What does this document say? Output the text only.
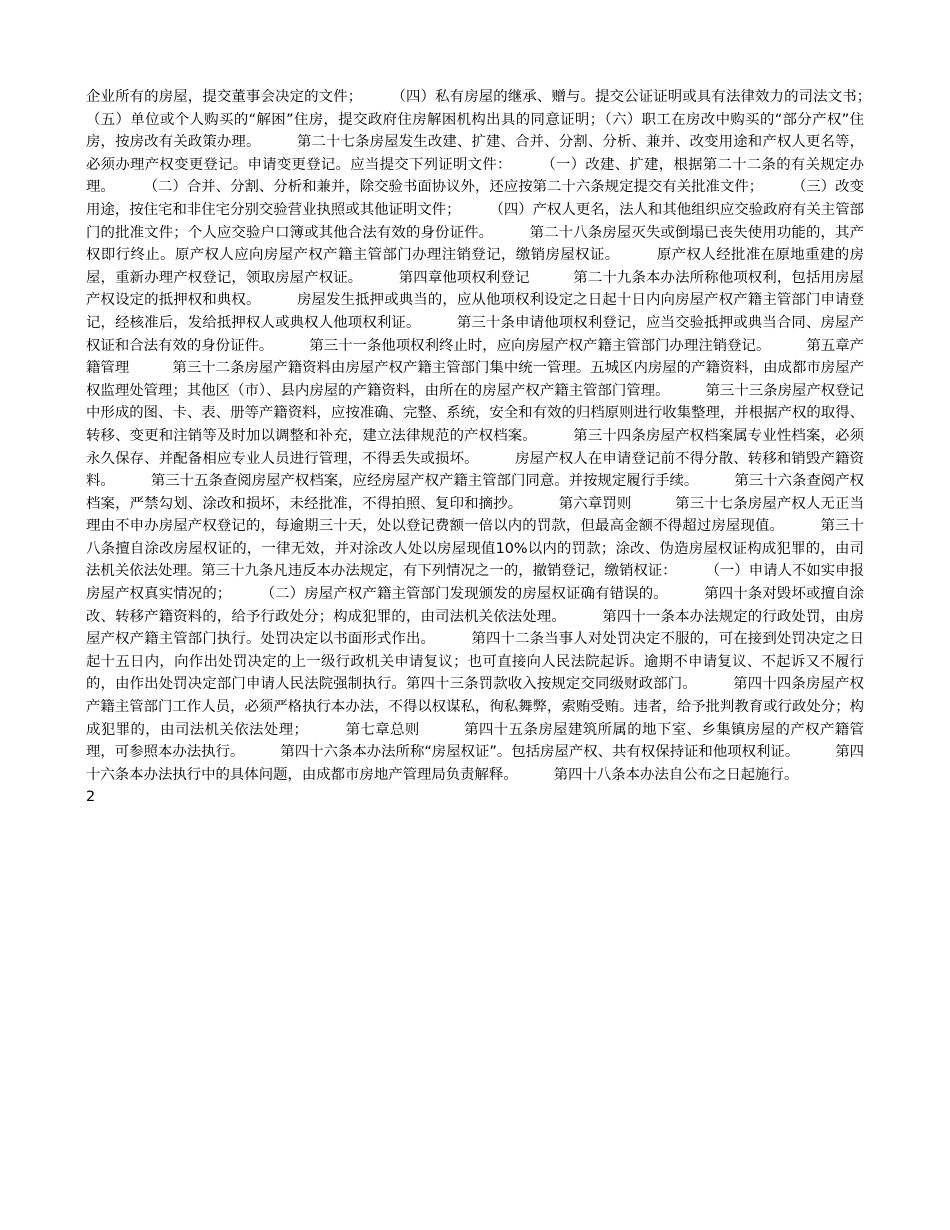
企业所有的房屋，提交董事会决定的文件；　　　（四）私有房屋的继承、赠与。提交公证证明或具有法律效力的司法文书；　　　（五）单位或个人购买的“解困”住房，提交政府住房解困机构出具的同意证明；（六）职工在房改中购买的“部分产权”住房，按房改有关政策办理。　　　第二十七条房屋发生改建、扩建、合并、分割、分析、兼并、改变用途和产权人更名等，必须办理产权变更登记。申请变更登记。应当提交下列证明文件：　　　（一）改建、扩建，根据第二十二条的有关规定办理。　　　（二）合并、分割、分析和兼并，除交验书面协议外，还应按第二十六条规定提交有关批准文件；　　　（三）改变用途，按住宅和非住宅分别交验营业执照或其他证明文件；　　　（四）产权人更名，法人和其他组织应交验政府有关主管部门的批准文件；个人应交验户口簿或其他合法有效的身份证件。　　　第二十八条房屋灭失或倒塌已丧失使用功能的，其产权即行终止。原产权人应向房屋产权产籍主管部门办理注销登记，缴销房屋权证。　　　原产权人经批准在原地重建的房屋，重新办理产权登记，领取房屋产权证。　　　第四章他项权利登记　　　第二十九条本办法所称他项权利，包括用房屋产权设定的抵押权和典权。　　　房屋发生抵押或典当的，应从他项权利设定之日起十日内向房屋产权产籍主管部门申请登记，经核准后，发给抵押权人或典权人他项权利证。　　　第三十条申请他项权利登记，应当交验抵押或典当合同、房屋产权证和合法有效的身份证件。　　　第三十一条他项权利终止时，应向房屋产权产籍主管部门办理注销登记。　　　第五章产籍管理　　　第三十二条房屋产籍资料由房屋产权产籍主管部门集中统一管理。五城区内房屋的产籍资料，由成都市房屋产权监理处管理；其他区（市）、县内房屋的产籍资料，由所在的房屋产权产籍主管部门管理。　　　第三十三条房屋产权登记中形成的图、卡、表、册等产籍资料，应按准确、完整、系统，安全和有效的归档原则进行收集整理，并根据产权的取得、转移、变更和注销等及时加以调整和补充，建立法律规范的产权档案。　　　第三十四条房屋产权档案属专业性档案，必须永久保存、并配备相应专业人员进行管理，不得丢失或损坏。　　　房屋产权人在申请登记前不得分散、转移和销毁产籍资料。　　　第三十五条查阅房屋产权档案，应经房屋产权产籍主管部门同意。并按规定履行手续。　　　第三十六条查阅产权档案，严禁勾划、涂改和损坏，未经批准，不得拍照、复印和摘抄。　　　第六章罚则　　　第三十七条房屋产权人无正当理由不申办房屋产权登记的，每逾期三十天，处以登记费额一倍以内的罚款，但最高金额不得超过房屋现值。　　　第三十八条擅自涂改房屋权证的，一律无效，并对涂改人处以房屋现值10%以内的罚款；涂改、伪造房屋权证构成犯罪的，由司法机关依法处理。第三十九条凡违反本办法规定，有下列情况之一的，撤销登记，缴销权证：　　　（一）申请人不如实申报房屋产权真实情况的；　　　（二）房屋产权产籍主管部门发现颁发的房屋权证确有错误的。　　　第四十条对毁坏或擅自涂改、转移产籍资料的，给予行政处分；构成犯罪的，由司法机关依法处理。　　　第四十一条本办法规定的行政处罚，由房屋产权产籍主管部门执行。处罚决定以书面形式作出。　　　第四十二条当事人对处罚决定不服的，可在接到处罚决定之日起十五日内，向作出处罚决定的上一级行政机关申请复议；也可直接向人民法院起诉。逾期不申请复议、不起诉又不履行的，由作出处罚决定部门申请人民法院强制执行。第四十三条罚款收入按规定交同级财政部门。　　　第四十四条房屋产权产籍主管部门工作人员，必须严格执行本办法，不得以权谋私，徇私舞弊，索贿受贿。违者，给予批判教育或行政处分；构成犯罪的，由司法机关依法处理；　　　第七章总则　　　第四十五条房屋建筑所属的地下室、乡集镇房屋的产权产籍管理，可参照本办法执行。　　　第四十六条本办法所称“房屋权证”。包括房屋产权、共有权保持证和他项权利证。　　　第四十六条本办法执行中的具体问题，由成都市房地产管理局负责解释。　　　第四十八条本办法自公布之日起施行。

2
